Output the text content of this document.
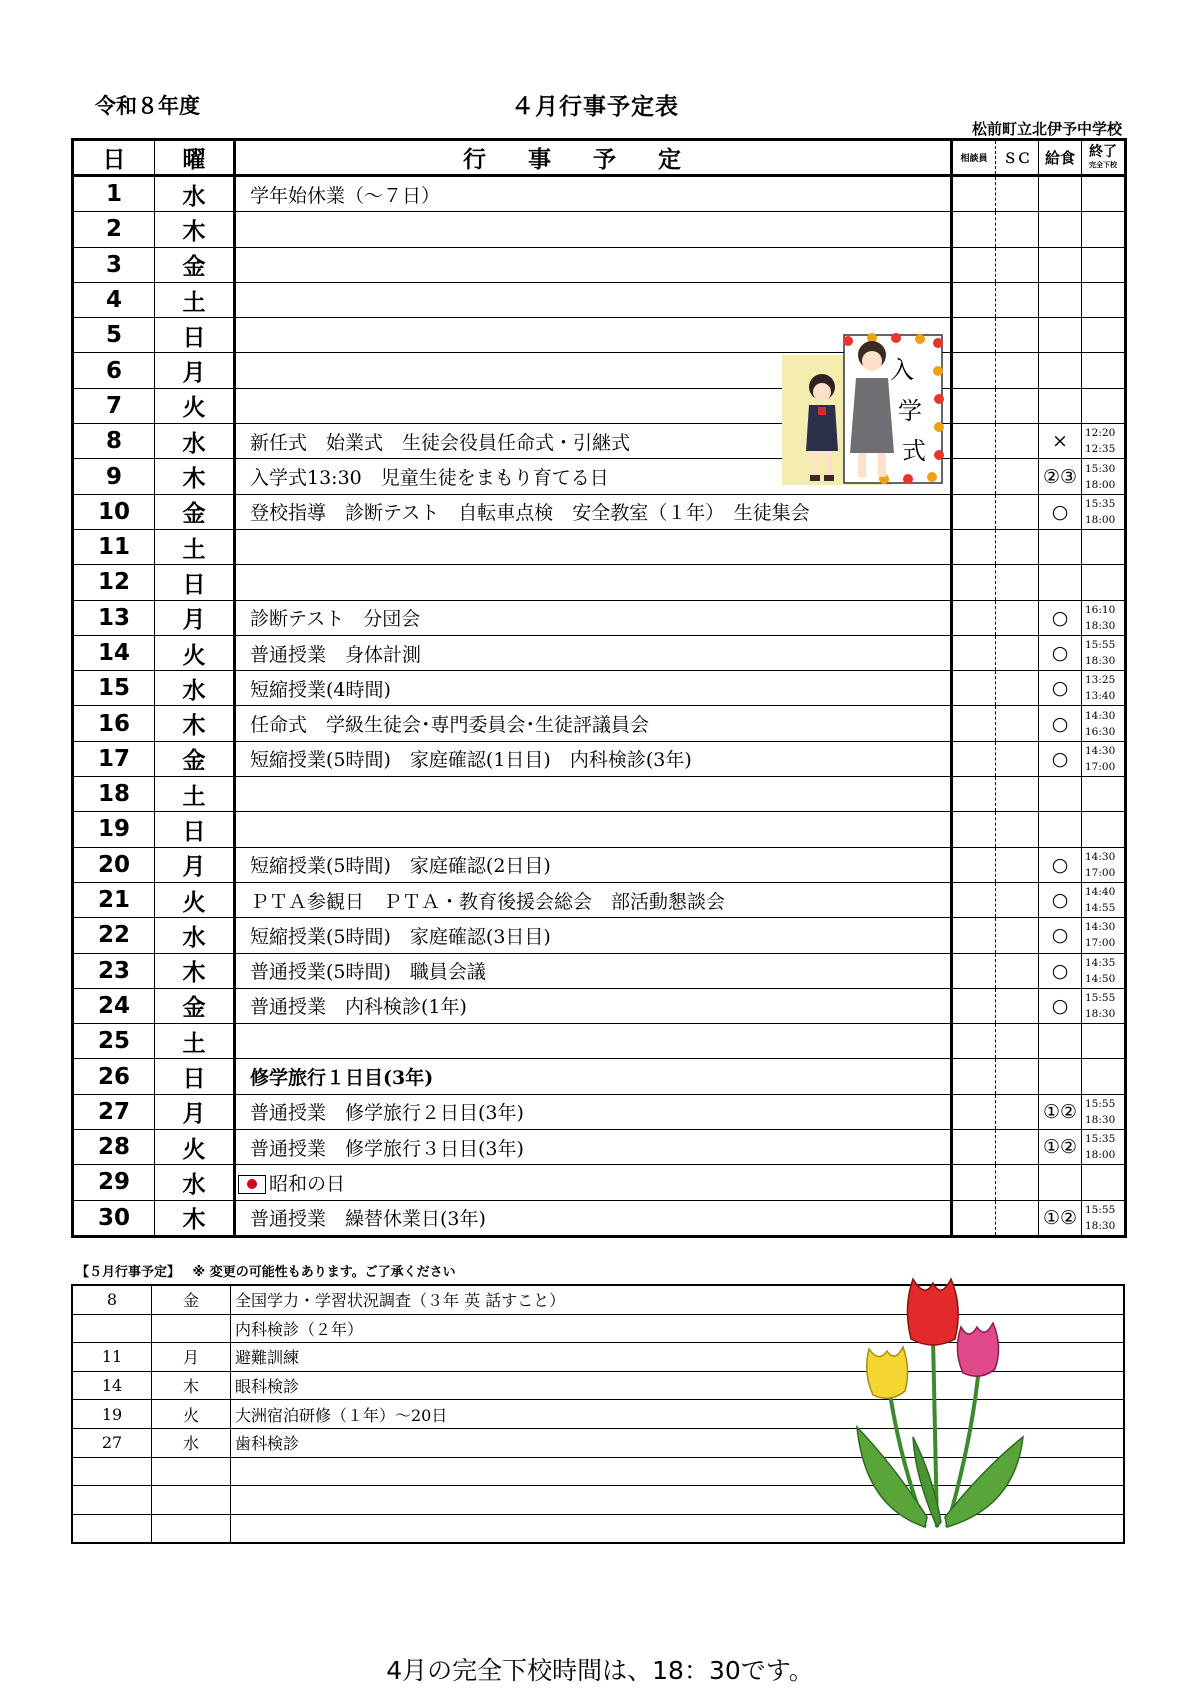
令和８年度	４月行事予定表
松前町立北伊予中学校
日	曜	行事予定	相談員	ＳＣ	給食	終了
完全下校

1	水	学年始休業（～７日）				

2	木					

3	金					

4	土					

5	日					

6	月					

7	火					

8	水	新任式　始業式　生徒会役員任命式・引継式			×	12:20
12:35

9	木	入学式13:30　児童生徒をまもり育てる日			②③	15:30
18:00

10	金	登校指導　診断テスト　自転車点検　安全教室（１年）　生徒集会			○	15:35
18:00

11	土					

12	日					

13	月	診断テスト　分団会			○	16:10
18:30

14	火	普通授業　身体計測			○	15:55
18:30

15	水	短縮授業(4時間)			○	13:25
13:40

16	木	任命式　学級生徒会･専門委員会･生徒評議員会			○	14:30
16:30

17	金	短縮授業(5時間)　家庭確認(1日目)　内科検診(3年)			○	14:30
17:00

18	土					

19	日					

20	月	短縮授業(5時間)　家庭確認(2日目)			○	14:30
17:00

21	火	ＰＴＡ参観日　ＰＴＡ・教育後援会総会　部活動懇談会			○	14:40
14:55

22	水	短縮授業(5時間)　家庭確認(3日目)			○	14:30
17:00

23	木	普通授業(5時間)　職員会議			○	14:35
14:50

24	金	普通授業　内科検診(1年)			○	15:55
18:30

25	土					

26	日	修学旅行１日目(3年)				

27	月	普通授業　修学旅行２日目(3年)			①②	15:55
18:30

28	火	普通授業　修学旅行３日目(3年)			①②	15:35
18:00

29	水	昭和の日				

30	木	普通授業　繰替休業日(3年)			①②	15:55
18:30
入
学
式
【５月行事予定】 ※ 変更の可能性もあります。ご了承ください
8	金	全国学力・学習状況調査（３年 英 話すこと）
		内科検診（２年）
11	月	避難訓練
14	木	眼科検診
19	火	大洲宿泊研修（１年）～20日
27	水	歯科検診

4月の完全下校時間は、18：30です。
